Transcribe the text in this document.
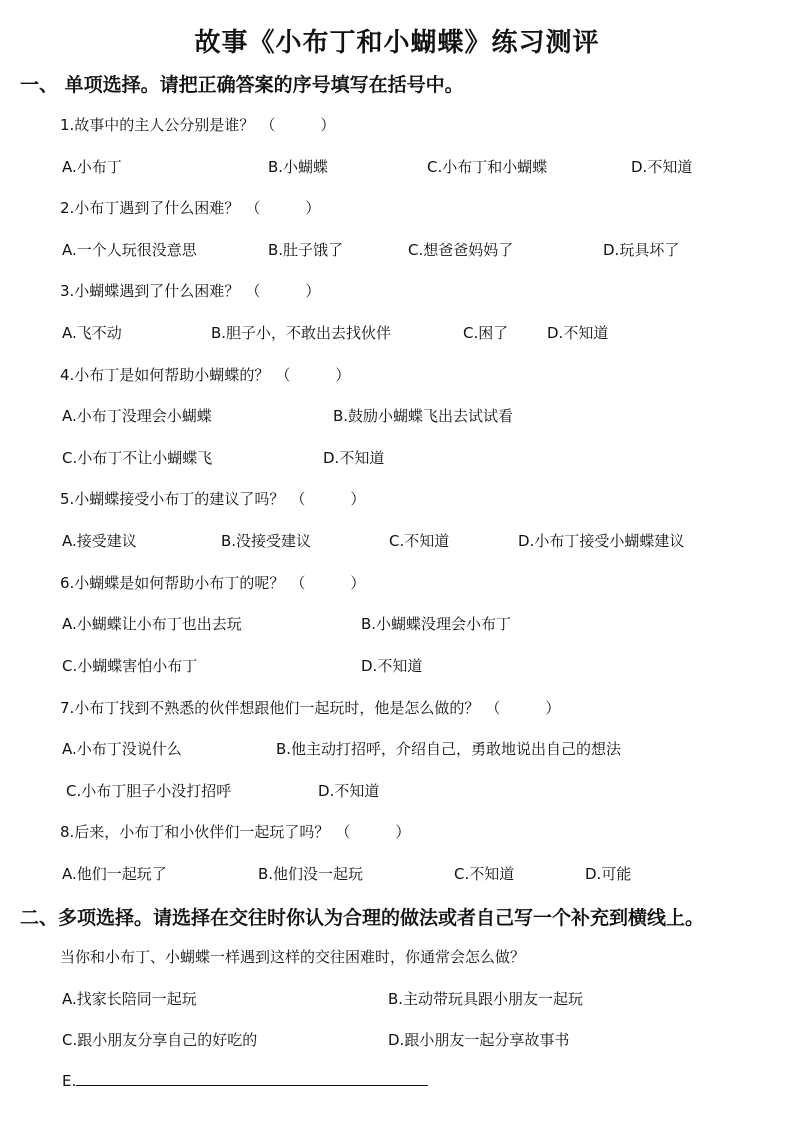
故事《小布丁和小蝴蝶》练习测评
一、 单项选择。请把正确答案的序号填写在括号中。
1.故事中的主人公分别是谁？ （　　　）
A.小布丁	B.小蝴蝶	C.小布丁和小蝴蝶	D.不知道
2.小布丁遇到了什么困难？ （　　　）
A.一个人玩很没意思	B.肚子饿了	C.想爸爸妈妈了	D.玩具坏了
3.小蝴蝶遇到了什么困难？ （　　　）
A.飞不动	B.胆子小，不敢出去找伙伴	C.困了	D.不知道
4.小布丁是如何帮助小蝴蝶的？ （　　　）
A.小布丁没理会小蝴蝶	B.鼓励小蝴蝶飞出去试试看
C.小布丁不让小蝴蝶飞	D.不知道
5.小蝴蝶接受小布丁的建议了吗？ （　　　）
A.接受建议	B.没接受建议	C.不知道	D.小布丁接受小蝴蝶建议
6.小蝴蝶是如何帮助小布丁的呢？ （　　　）
A.小蝴蝶让小布丁也出去玩	B.小蝴蝶没理会小布丁
C.小蝴蝶害怕小布丁	D.不知道
7.小布丁找到不熟悉的伙伴想跟他们一起玩时，他是怎么做的？ （　　　）
A.小布丁没说什么	B.他主动打招呼，介绍自己，勇敢地说出自己的想法
C.小布丁胆子小没打招呼	D.不知道
8.后来，小布丁和小伙伴们一起玩了吗？ （　　　）
A.他们一起玩了	B.他们没一起玩	C.不知道	D.可能
二、多项选择。请选择在交往时你认为合理的做法或者自己写一个补充到横线上。
当你和小布丁、小蝴蝶一样遇到这样的交往困难时，你通常会怎么做？
A.找家长陪同一起玩	B.主动带玩具跟小朋友一起玩
C.跟小朋友分享自己的好吃的	D.跟小朋友一起分享故事书
E.
